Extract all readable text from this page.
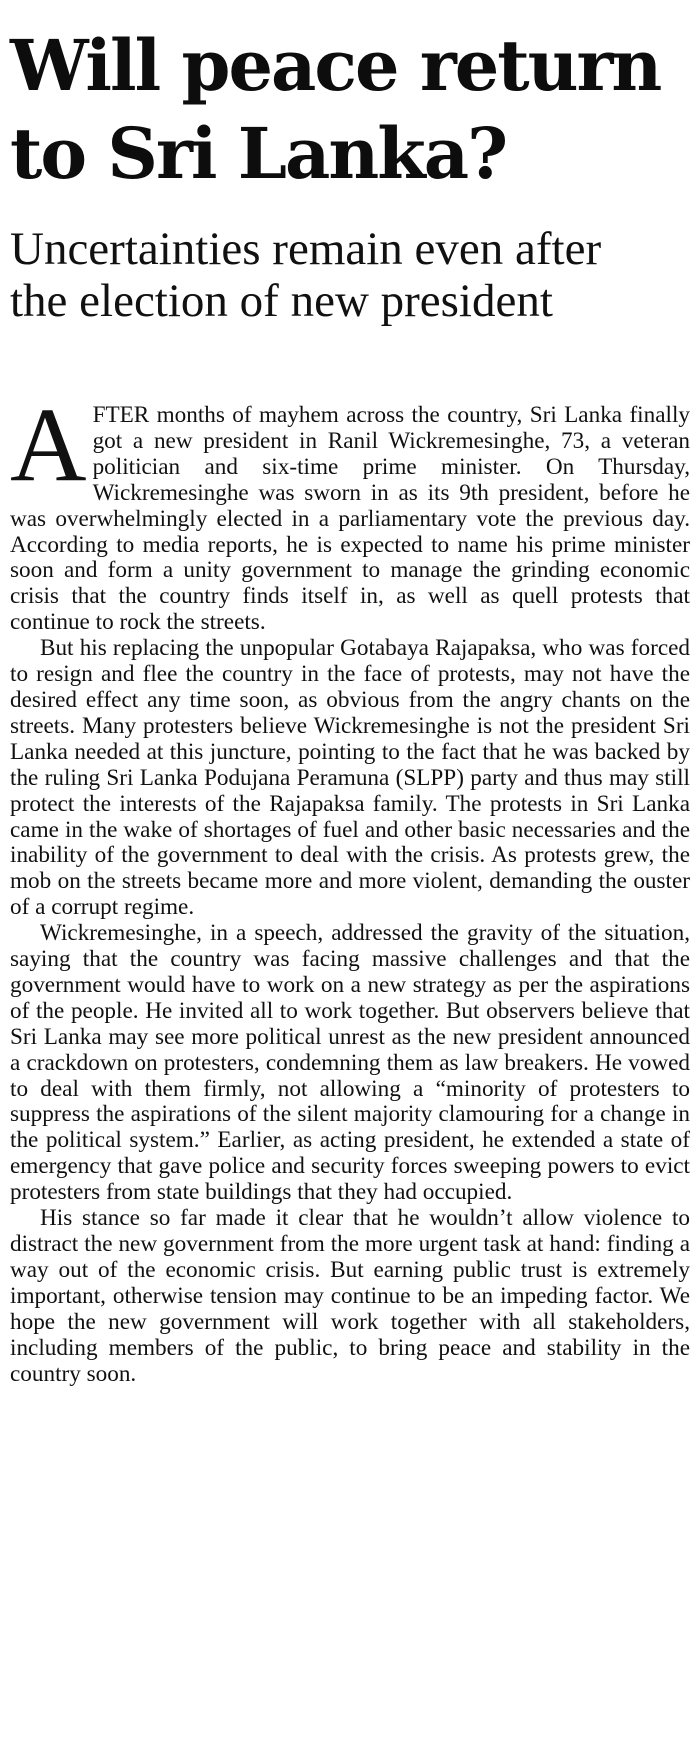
Will peace return to Sri Lanka?
Uncertainties remain even after the election of new president

AFTER months of mayhem across the country, Sri Lanka finally got a new president in Ranil Wickremesinghe, 73, a veteran politician and six-time prime minister. On Thursday, Wickremesinghe was sworn in as its 9th president, before he was overwhelmingly elected in a parliamentary vote the previous day. According to media reports, he is expected to name his prime minister soon and form a unity government to manage the grinding economic crisis that the country finds itself in, as well as quell protests that continue to rock the streets.

But his replacing the unpopular Gotabaya Rajapaksa, who was forced to resign and flee the country in the face of protests, may not have the desired effect any time soon, as obvious from the angry chants on the streets. Many protesters believe Wickremesinghe is not the president Sri Lanka needed at this juncture, pointing to the fact that he was backed by the ruling Sri Lanka Podujana Peramuna (SLPP) party and thus may still protect the interests of the Rajapaksa family. The protests in Sri Lanka came in the wake of shortages of fuel and other basic necessaries and the inability of the government to deal with the crisis. As protests grew, the mob on the streets became more and more violent, demanding the ouster of a corrupt regime.

Wickremesinghe, in a speech, addressed the gravity of the situation, saying that the country was facing massive challenges and that the government would have to work on a new strategy as per the aspirations of the people. He invited all to work together. But observers believe that Sri Lanka may see more political unrest as the new president announced a crackdown on protesters, condemning them as law breakers. He vowed to deal with them firmly, not allowing a “minority of protesters to suppress the aspirations of the silent majority clamouring for a change in the political system.” Earlier, as acting president, he extended a state of emergency that gave police and security forces sweeping powers to evict protesters from state buildings that they had occupied.

His stance so far made it clear that he wouldn’t allow violence to distract the new government from the more urgent task at hand: finding a way out of the economic crisis. But earning public trust is extremely important, otherwise tension may continue to be an impeding factor. We hope the new government will work together with all stakeholders, including members of the public, to bring peace and stability in the country soon.
